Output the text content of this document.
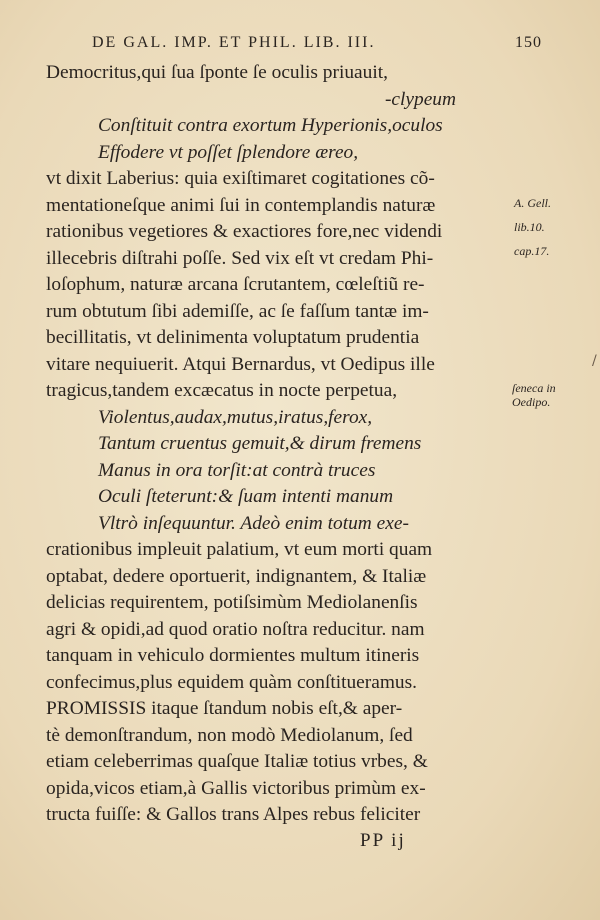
DE GAL. IMP. ET PHIL. LIB. III.	150
Democritus,qui ſua ſponte ſe oculis priuauit,
-clypeum
Conſtituit contra exortum Hyperionis,oculos
Effodere vt poſſet ſplendore æreo,
vt dixit Laberius: quia exiſtimaret cogitationes cõ-
mentationeſque animi ſui in contemplandis naturæ
rationibus vegetiores & exactiores fore,nec videndi
illecebris diſtrahi poſſe. Sed vix eſt vt credam Phi-
loſophum, naturæ arcana ſcrutantem, cœleſtiũ re-
rum obtutum ſibi ademiſſe, ac ſe faſſum tantæ im-
becillitatis, vt delinimenta voluptatum prudentia
vitare nequiuerit. Atqui Bernardus, vt Oedipus ille
tragicus,tandem excæcatus in nocte perpetua,
Violentus,audax,mutus,iratus,ferox,
Tantum cruentus gemuit,& dirum fremens
Manus in ora torſit:at contrà truces
Oculi ſteterunt:& ſuam intenti manum
Vltrò inſequuntur. Adeò enim totum exe-
crationibus impleuit palatium, vt eum morti quam
optabat, dedere oportuerit, indignantem, & Italiæ
delicias requirentem, potiſsimùm Mediolanenſis
agri & opidi,ad quod oratio noſtra reducitur. nam
tanquam in vehiculo dormientes multum itineris
confecimus,plus equidem quàm conſtitueramus.
PROMISSIS itaque ſtandum nobis eſt,& aper-
tè demonſtrandum, non modò Mediolanum, ſed
etiam celeberrimas quaſque Italiæ totius vrbes, &
opida,vicos etiam,à Gallis victoribus primùm ex-
tructa fuiſſe: & Gallos trans Alpes rebus feliciter
A. Gell.
lib.10.
cap.17.
ſeneca in
Oedipo.
/
PP ij
